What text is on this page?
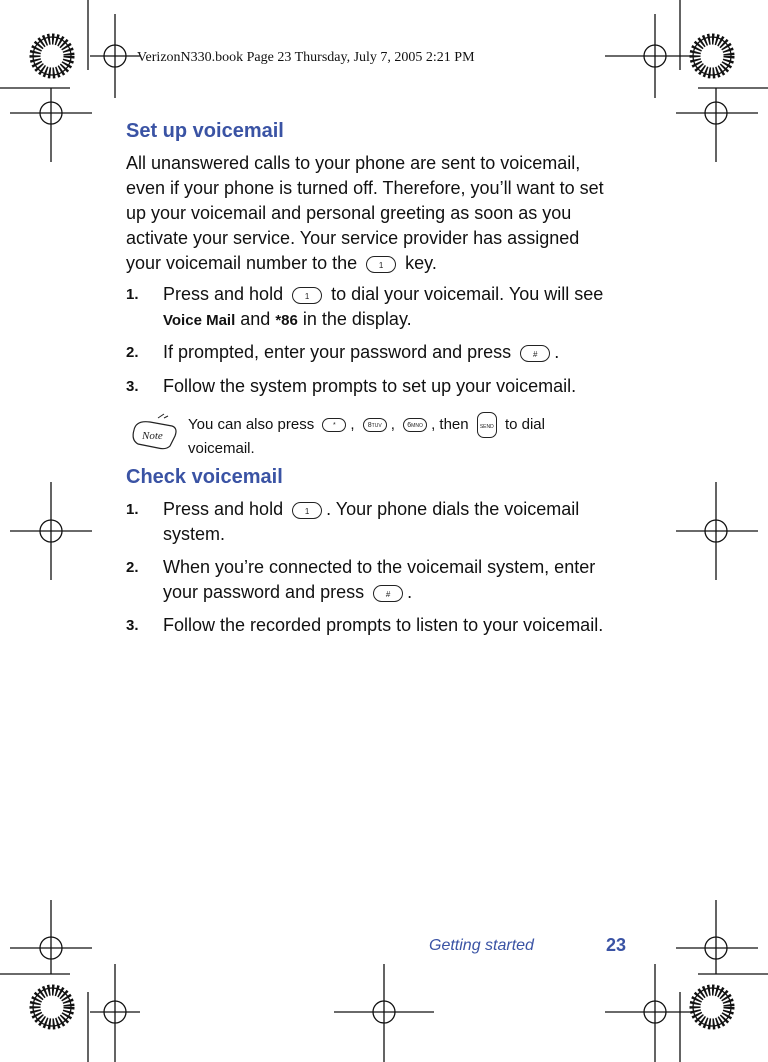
VerizonN330.book Page 23 Thursday, July 7, 2005 2:21 PM
Set up voicemail
All unanswered calls to your phone are sent to voicemail,
even if your phone is turned off. Therefore, you’ll want to set
up your voicemail and personal greeting as soon as you
activate your service. Your service provider has assigned
your voicemail number to the	1 key.
1. Press and hold	1 to dial your voicemail. You will see
Voice Mail and *86 in the display.
2. If prompted, enter your password and press	# .
3. Follow the system prompts to set up your voicemail.
Note
You can also press	* , 8TUV , 6MNO , then SEND to dial
voicemail.
Check voicemail
1. Press and hold	1 . Your phone dials the voicemail
system.
2. When you’re connected to the voicemail system, enter
your password and press	# .
3. Follow the recorded prompts to listen to your voicemail.
Getting started	23
